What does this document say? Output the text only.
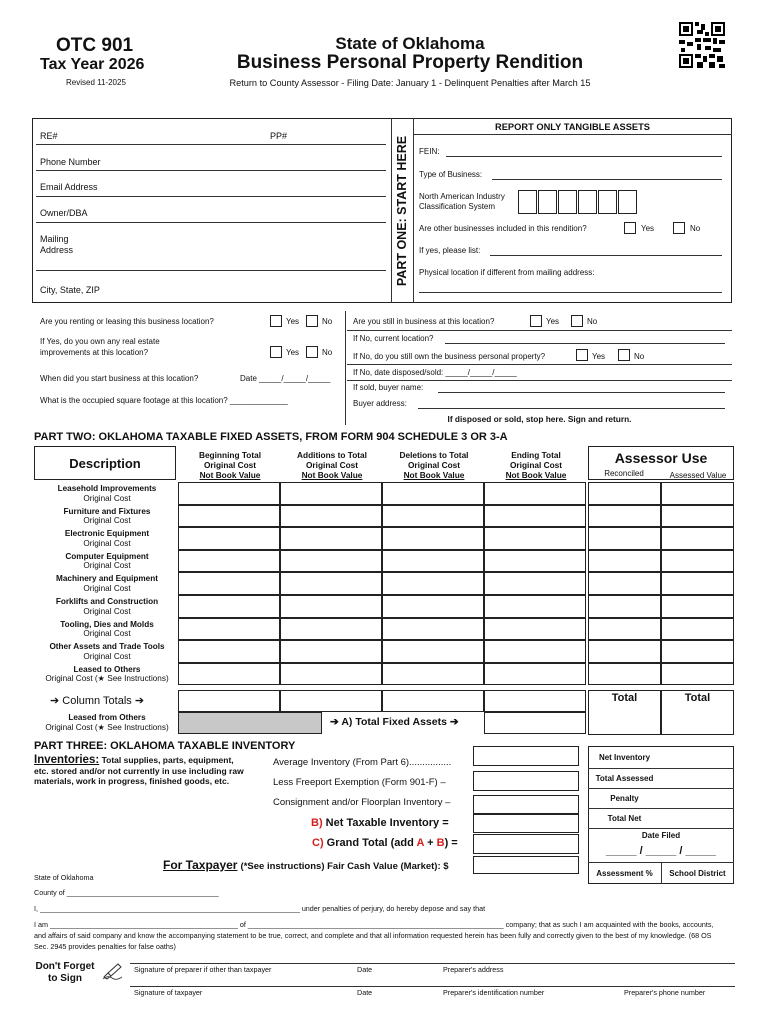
OTC 901
Tax Year 2026
Revised 11-2025
State of Oklahoma
Business Personal Property Rendition
Return to County Assessor - Filing Date: January 1 - Delinquent Penalties after March 15
PART ONE: START HERE
RE#	PP#
Phone Number
Email Address
Owner/DBA
Mailing
Address
City, State, ZIP
REPORT ONLY TANGIBLE ASSETS
FEIN:
Type of Business:
North American Industry
Classification System
Are other businesses included in this rendition?	Yes	No
If yes, please list:
Physical location if different from mailing address:
Are you renting or leasing this business location?	Yes	No
If Yes, do you own any real estate
improvements at this location?	Yes	No
When did you start business at this location?	Date _____/_____/_____
What is the occupied square footage at this location? _____________
Are you still in business at this location?	Yes	No
If No, current location?
If No, do you still own the business personal property?	Yes	No
If No, date disposed/sold: _____/_____/_____
If sold, buyer name:
Buyer address:
If disposed or sold, stop here. Sign and return.
PART TWO: OKLAHOMA TAXABLE FIXED ASSETS, FROM FORM 904 SCHEDULE 3 OR 3-A
Description
Beginning Total
Original Cost
Not Book Value
Additions to Total
Original Cost
Not Book Value
Deletions to Total
Original Cost
Not Book Value
Ending Total
Original Cost
Not Book Value
Assessor Use
Reconciled	Assessed Value
Leasehold Improvements
Original Cost
Furniture and Fixtures
Original Cost
Electronic Equipment
Original Cost
Computer Equipment
Original Cost
Machinery and Equipment
Original Cost
Forklifts and Construction
Original Cost
Tooling, Dies and Molds
Original Cost
Other Assets and Trade Tools
Original Cost
Leased to Others
Original Cost (★ See Instructions)
➔ Column Totals ➔	Total	Total
Leased from Others
Original Cost (★ See Instructions)	➔ A) Total Fixed Assets ➔
PART THREE: OKLAHOMA TAXABLE INVENTORY
Inventories: Total supplies, parts, equipment,
etc. stored and/or not currently in use including raw
materials, work in progress, finished goods, etc.
Average Inventory (From Part 6)................
Less Freeport Exemption (Form 901-F) –
Consignment and/or Floorplan Inventory –
B) Net Taxable Inventory =
C) Grand Total (add A + B) =
For Taxpayer (*See instructions) Fair Cash Value (Market): $
Net Inventory
Total Assessed
Penalty
Total Net
Date Filed
_____ / _____ / _____
Assessment %	School District
State of Oklahoma
County of ______________________________________
I, _________________________________________________________________ under penalties of perjury, do hereby depose and say that
I am _______________________________________________ of ________________________________________________________________ company; that as such I am acquainted with the books, accounts,
and affairs of said company and know the accompanying statement to be true, correct, and complete and that all information requested herein has been fully and correctly given to the best of my knowledge. (68 OS
Sec. 2945 provides penalties for false oaths)
Don't Forget
to Sign
Signature of preparer if other than taxpayer	Date	Preparer's address
Signature of taxpayer	Date	Preparer's identification number	Preparer's phone number
